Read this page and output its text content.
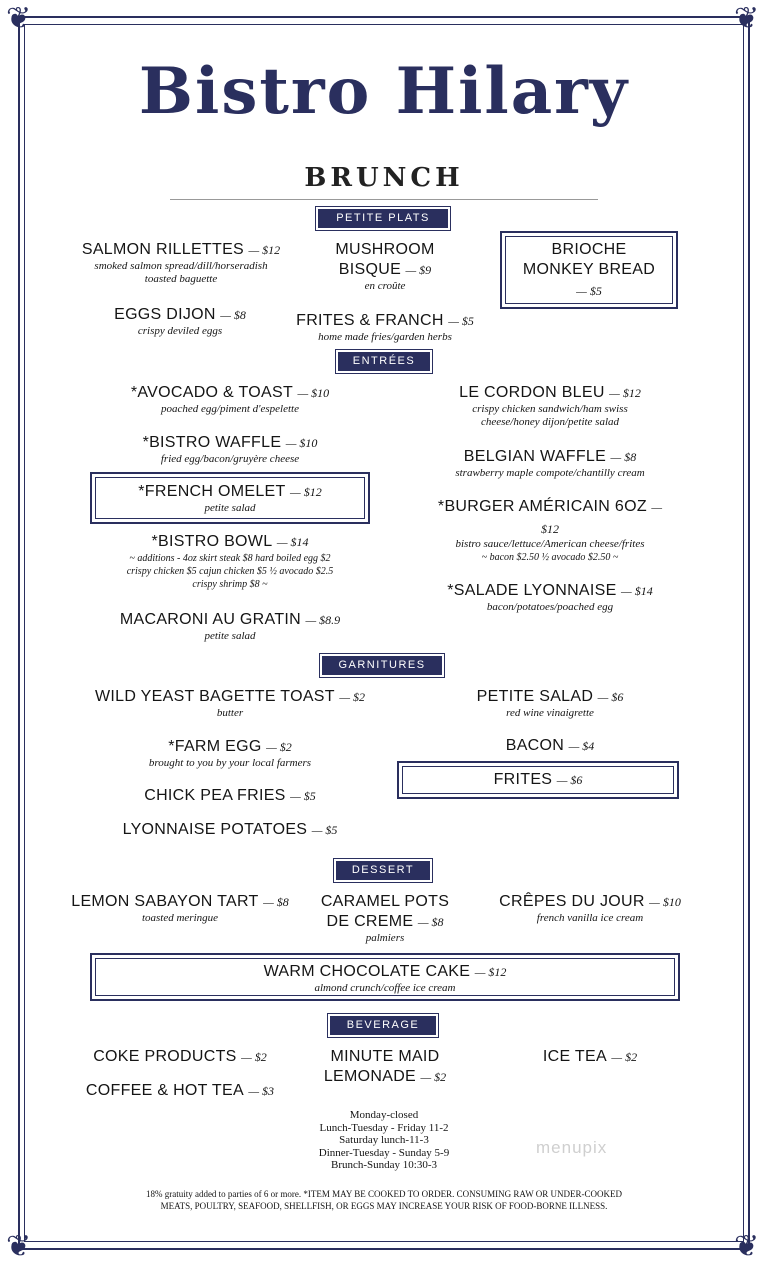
❦	❦
❦	❦
Bistro Hilary
BRUNCH
PETITE PLATS
SALMON RILLETTES — $12
smoked salmon spread/dill/horseradish
toasted baguette
EGGS DIJON — $8
crispy deviled eggs
MUSHROOM
BISQUE — $9
en croûte
FRITES & FRANCH — $5
home made fries/garden herbs
BRIOCHE
MONKEY BREAD
— $5
ENTRÉES
*AVOCADO & TOAST — $10
poached egg/piment d'espelette
*BISTRO WAFFLE — $10
fried egg/bacon/gruyère cheese
*FRENCH OMELET — $12
petite salad
*BISTRO BOWL — $14
~ additions - 4oz skirt steak $8 hard boiled egg $2
crispy chicken $5 cajun chicken $5 ½ avocado $2.5
crispy shrimp $8 ~
MACARONI AU GRATIN — $8.9
petite salad
LE CORDON BLEU — $12
crispy chicken sandwich/ham swiss
cheese/honey dijon/petite salad
BELGIAN WAFFLE — $8
strawberry maple compote/chantilly cream
*BURGER AMÉRICAIN 6OZ —
$12
bistro sauce/lettuce/American cheese/frites
~ bacon $2.50 ½ avocado $2.50 ~
*SALADE LYONNAISE — $14
bacon/potatoes/poached egg
GARNITURES
WILD YEAST BAGETTE TOAST — $2
butter
*FARM EGG — $2
brought to you by your local farmers
CHICK PEA FRIES — $5
LYONNAISE POTATOES — $5
PETITE SALAD — $6
red wine vinaigrette
BACON — $4
FRITES — $6
DESSERT
LEMON SABAYON TART — $8
toasted meringue
CARAMEL POTS
DE CREME — $8
palmiers
CRÊPES DU JOUR — $10
french vanilla ice cream
WARM CHOCOLATE CAKE — $12
almond crunch/coffee ice cream
BEVERAGE
COKE PRODUCTS — $2
COFFEE & HOT TEA — $3
MINUTE MAID
LEMONADE — $2
ICE TEA — $2
Monday-closed
Lunch-Tuesday - Friday 11-2
Saturday lunch-11-3
Dinner-Tuesday - Sunday 5-9
Brunch-Sunday 10:30-3
menupix
18% gratuity added to parties of 6 or more. *ITEM MAY BE COOKED TO ORDER. CONSUMING RAW OR UNDER-COOKED
MEATS, POULTRY, SEAFOOD, SHELLFISH, OR EGGS MAY INCREASE YOUR RISK OF FOOD-BORNE ILLNESS.
